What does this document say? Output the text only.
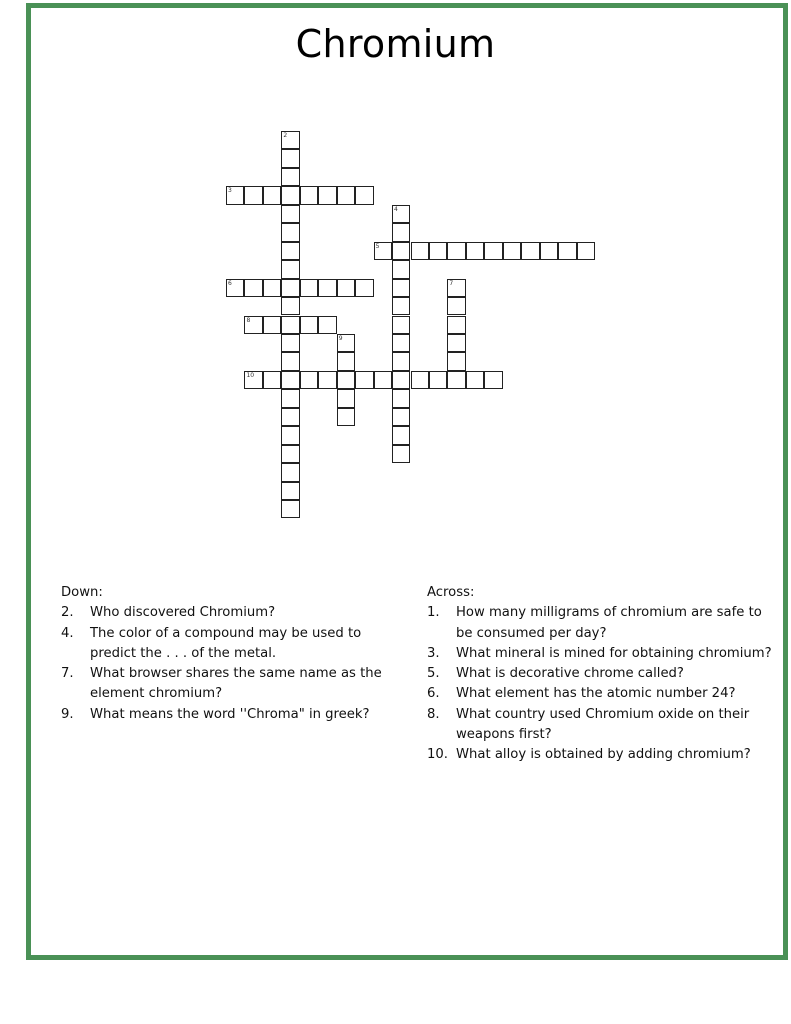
Chromium
2
3
4
5
6	7
8
9
10
Down:
2.	Who discovered Chromium?
4.	The color of a compound may be used to predict the . . . of the metal.
7.	What browser shares the same name as the element chromium?
9.	What means the word ''Chroma" in greek?
Across:
1.	How many milligrams of chromium are safe to be consumed per day?
3.	What mineral is mined for obtaining chromium?
5.	What is decorative chrome called?
6.	What element has the atomic number 24?
8.	What country used Chromium oxide on their weapons first?
10. What alloy is obtained by adding chromium?
